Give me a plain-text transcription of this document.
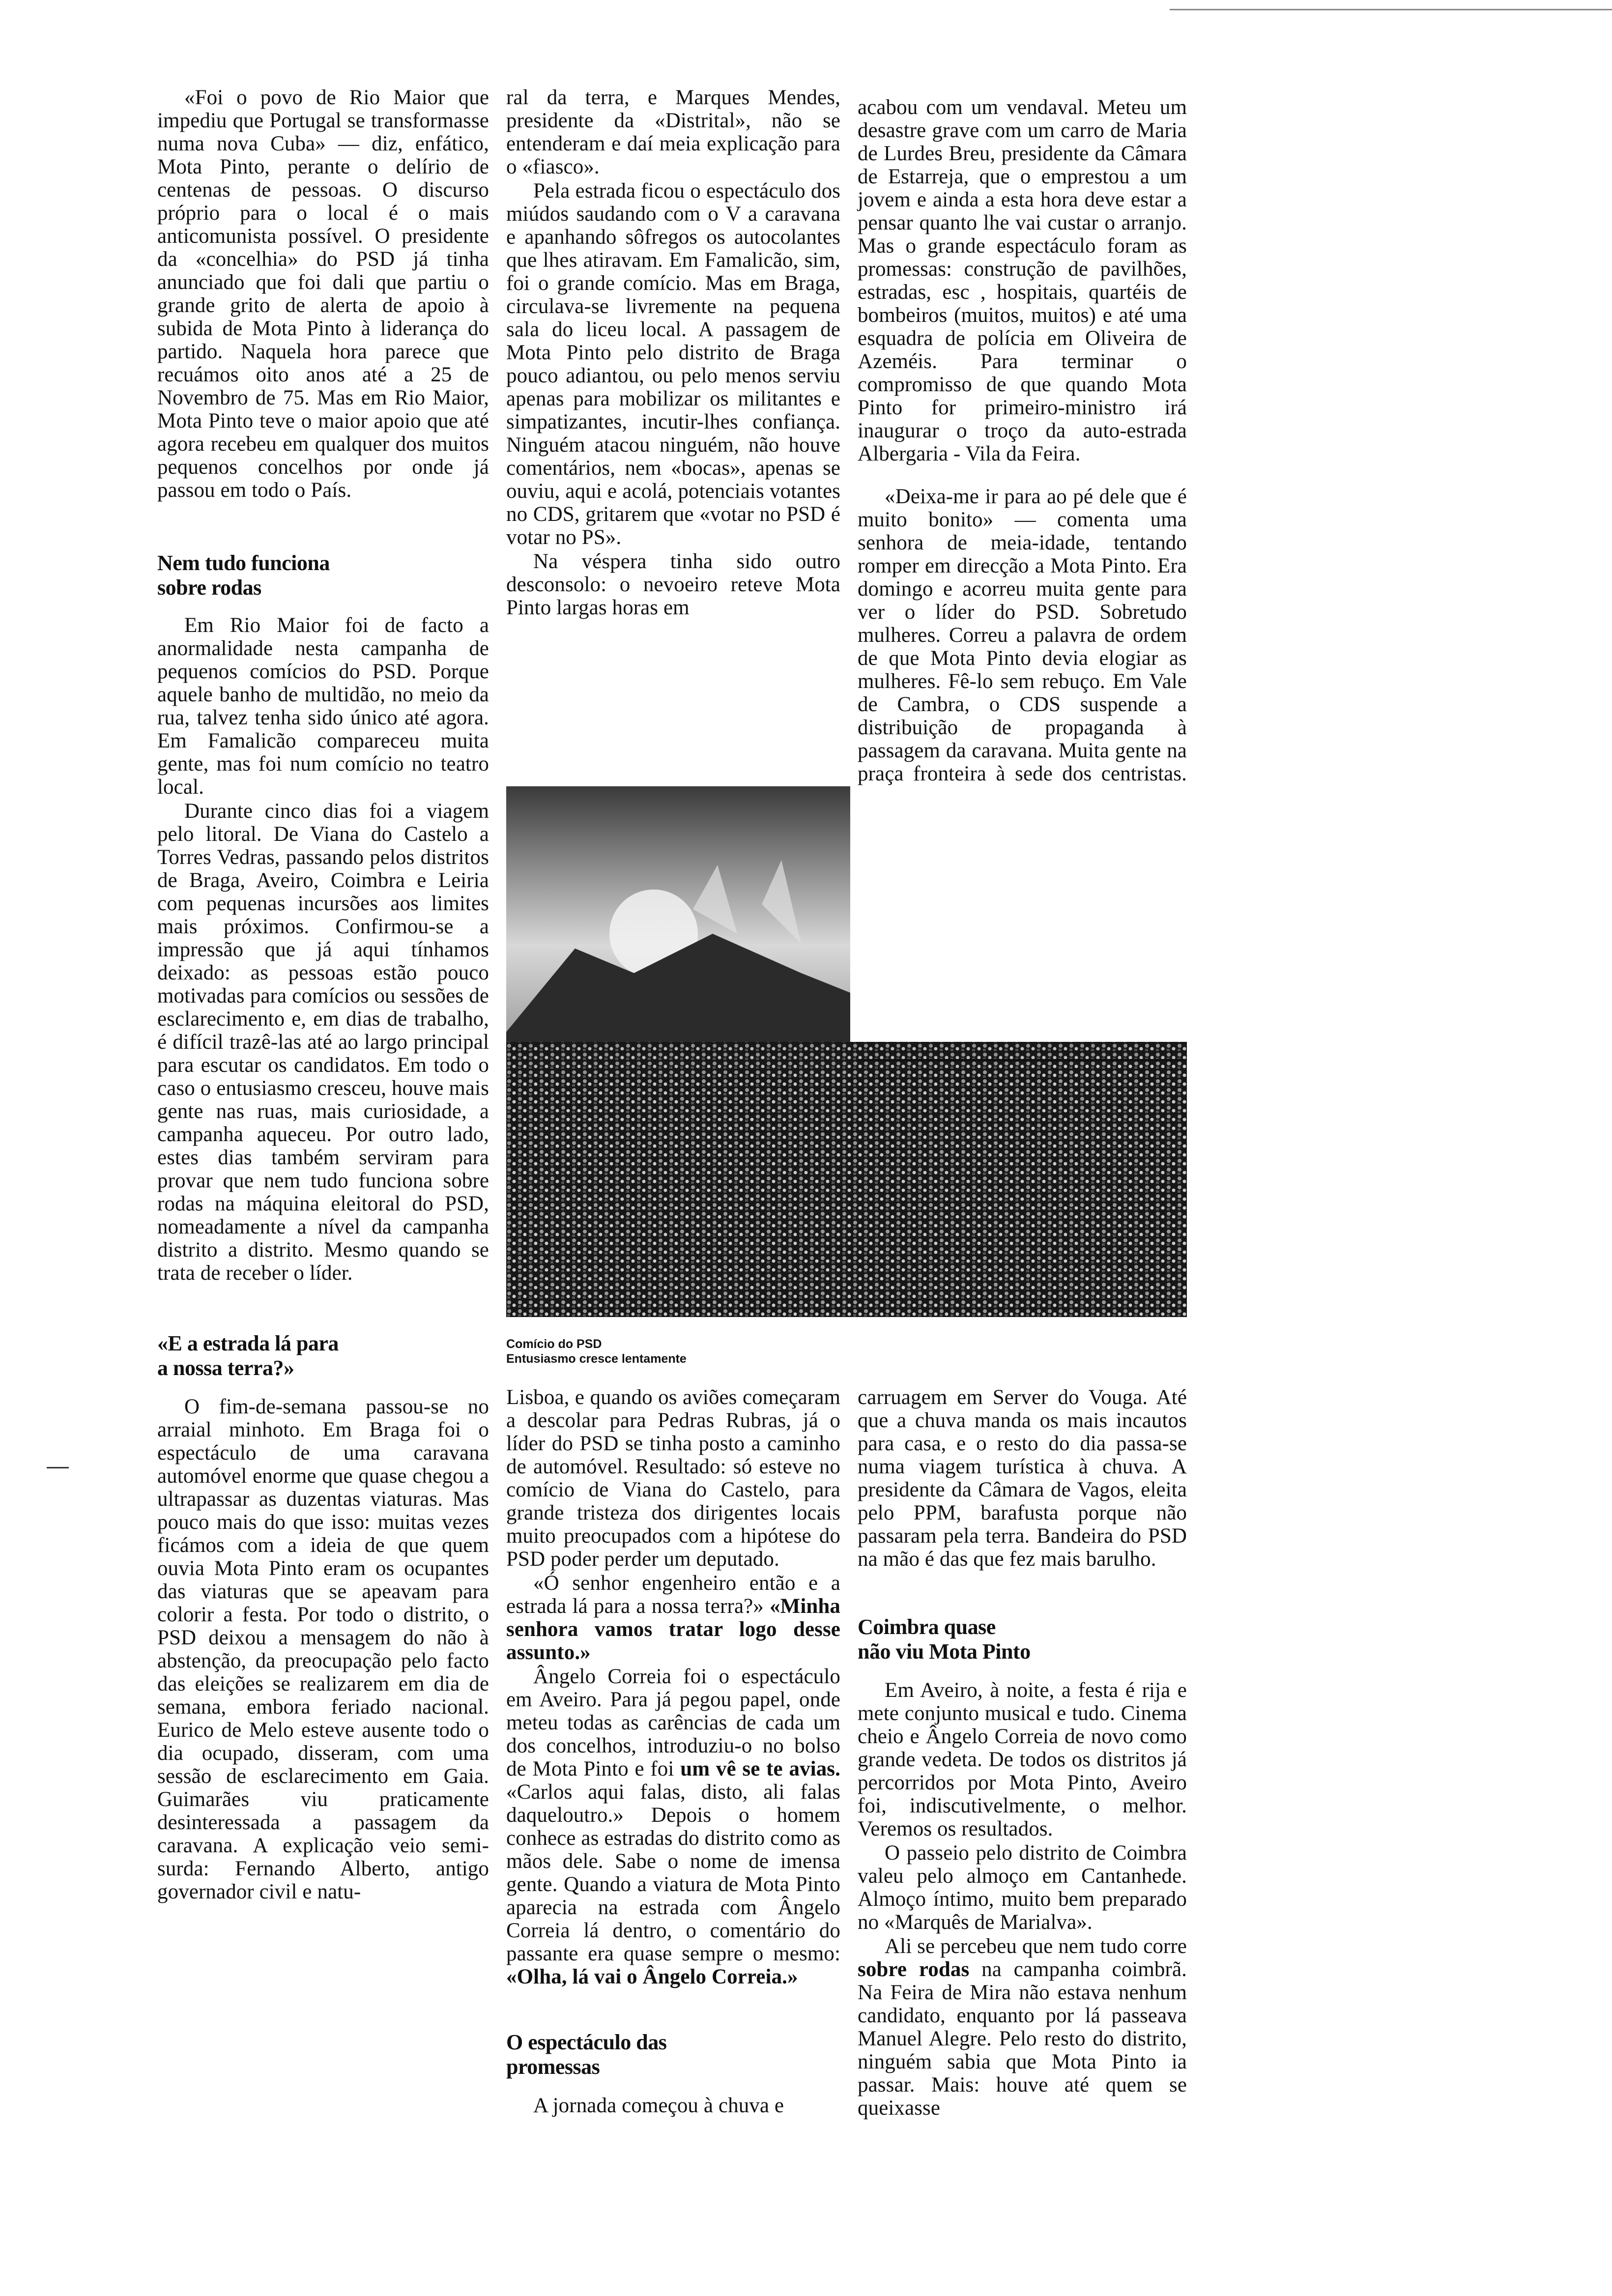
«Foi o povo de Rio Maior que impediu que Portugal se transformasse numa nova Cuba» — diz, enfático, Mota Pinto, perante o delírio de centenas de pessoas. O discurso próprio para o local é o mais anticomunista possível. O presidente da «concelhia» do PSD já tinha anunciado que foi dali que partiu o grande grito de alerta de apoio à subida de Mota Pinto à liderança do partido. Naquela hora parece que recuámos oito anos até a 25 de Novembro de 75. Mas em Rio Maior, Mota Pinto teve o maior apoio que até agora recebeu em qualquer dos muitos pequenos concelhos por onde já passou em todo o País.

Nem tudo funciona
sobre rodas

Em Rio Maior foi de facto a anormalidade nesta campanha de pequenos comícios do PSD. Porque aquele banho de multidão, no meio da rua, talvez tenha sido único até agora. Em Famalicão compareceu muita gente, mas foi num comício no teatro local.

Durante cinco dias foi a viagem pelo litoral. De Viana do Castelo a Torres Vedras, passando pelos distritos de Braga, Aveiro, Coimbra e Leiria com pequenas incursões aos limites mais próximos. Confirmou-se a impressão que já aqui tínhamos deixado: as pessoas estão pouco motivadas para comícios ou sessões de esclarecimento e, em dias de trabalho, é difícil trazê-las até ao largo principal para escutar os candidatos. Em todo o caso o entusiasmo cresceu, houve mais gente nas ruas, mais curiosidade, a campanha aqueceu. Por outro lado, estes dias também serviram para provar que nem tudo funciona sobre rodas na máquina eleitoral do PSD, nomeadamente a nível da campanha distrito a distrito. Mesmo quando se trata de receber o líder.

«E a estrada lá para
a nossa terra?»

O fim-de-semana passou-se no arraial minhoto. Em Braga foi o espectáculo de uma caravana automóvel enorme que quase chegou a ultrapassar as duzentas viaturas. Mas pouco mais do que isso: muitas vezes ficámos com a ideia de que quem ouvia Mota Pinto eram os ocupantes das viaturas que se apeavam para colorir a festa. Por todo o distrito, o PSD deixou a mensagem do não à abstenção, da preocupação pelo facto das eleições se realizarem em dia de semana, embora feriado nacional. Eurico de Melo esteve ausente todo o dia ocupado, disseram, com uma sessão de esclarecimento em Gaia. Guimarães viu praticamente desinteressada a passagem da caravana. A explicação veio semi-surda: Fernando Alberto, antigo governador civil e natu-

ral da terra, e Marques Mendes, presidente da «Distrital», não se entenderam e daí meia explicação para o «fiasco».

Pela estrada ficou o espectáculo dos miúdos saudando com o V a caravana e apanhando sôfregos os autocolantes que lhes atiravam. Em Famalicão, sim, foi o grande comício. Mas em Braga, circulava-se livremente na pequena sala do liceu local. A passagem de Mota Pinto pelo distrito de Braga pouco adiantou, ou pelo menos serviu apenas para mobilizar os militantes e simpatizantes, incutir-lhes confiança. Ninguém atacou ninguém, não houve comentários, nem «bocas», apenas se ouviu, aqui e acolá, potenciais votantes no CDS, gritarem que «votar no PSD é votar no PS».

Na véspera tinha sido outro desconsolo: o nevoeiro reteve Mota Pinto largas horas em

acabou com um vendaval. Meteu um desastre grave com um carro de Maria de Lurdes Breu, presidente da Câmara de Estarreja, que o emprestou a um jovem e ainda a esta hora deve estar a pensar quanto lhe vai custar o arranjo. Mas o grande espectáculo foram as promessas: construção de pavilhões, estradas, esc , hospitais, quartéis de bombeiros (muitos, muitos) e até uma esquadra de polícia em Oliveira de Azeméis. Para terminar o compromisso de que quando Mota Pinto for primeiro-ministro irá inaugurar o troço da auto-estrada Albergaria - Vila da Feira.

«Deixa-me ir para ao pé dele que é muito bonito» — comenta uma senhora de meia-idade, tentando romper em direcção a Mota Pinto. Era domingo e acorreu muita gente para ver o líder do PSD. Sobretudo mulheres. Correu a palavra de ordem de que Mota Pinto devia elogiar as mulheres. Fê-lo sem rebuço. Em Vale de Cambra, o CDS suspende a distribuição de propaganda à passagem da caravana. Muita gente na praça fronteira à sede dos centristas.

Comício do PSD
Entusiasmo cresce lentamente

Lisboa, e quando os aviões começaram a descolar para Pedras Rubras, já o líder do PSD se tinha posto a caminho de automóvel. Resultado: só esteve no comício de Viana do Castelo, para grande tristeza dos dirigentes locais muito preocupados com a hipótese do PSD poder perder um deputado.

«Ó senhor engenheiro então e a estrada lá para a nossa terra?» «Minha senhora vamos tratar logo desse assunto.»

Ângelo Correia foi o espectáculo em Aveiro. Para já pegou papel, onde meteu todas as carências de cada um dos concelhos, introduziu-o no bolso de Mota Pinto e foi um vê se te avias. «Carlos aqui falas, disto, ali falas daqueloutro.» Depois o homem conhece as estradas do distrito como as mãos dele. Sabe o nome de imensa gente. Quando a viatura de Mota Pinto aparecia na estrada com Ângelo Correia lá dentro, o comentário do passante era quase sempre o mesmo: «Olha, lá vai o Ângelo Correia.»

O espectáculo das
promessas

A jornada começou à chuva e

carruagem em Server do Vouga. Até que a chuva manda os mais incautos para casa, e o resto do dia passa-se numa viagem turística à chuva. A presidente da Câmara de Vagos, eleita pelo PPM, barafusta porque não passaram pela terra. Bandeira do PSD na mão é das que fez mais barulho.

Coimbra quase
não viu Mota Pinto

Em Aveiro, à noite, a festa é rija e mete conjunto musical e tudo. Cinema cheio e Ângelo Correia de novo como grande vedeta. De todos os distritos já percorridos por Mota Pinto, Aveiro foi, indiscutivelmente, o melhor. Veremos os resultados.

O passeio pelo distrito de Coimbra valeu pelo almoço em Cantanhede. Almoço íntimo, muito bem preparado no «Marquês de Marialva».

Ali se percebeu que nem tudo corre sobre rodas na campanha coimbrã. Na Feira de Mira não estava nenhum candidato, enquanto por lá passeava Manuel Alegre. Pelo resto do distrito, ninguém sabia que Mota Pinto ia passar. Mais: houve até quem se queixasse
